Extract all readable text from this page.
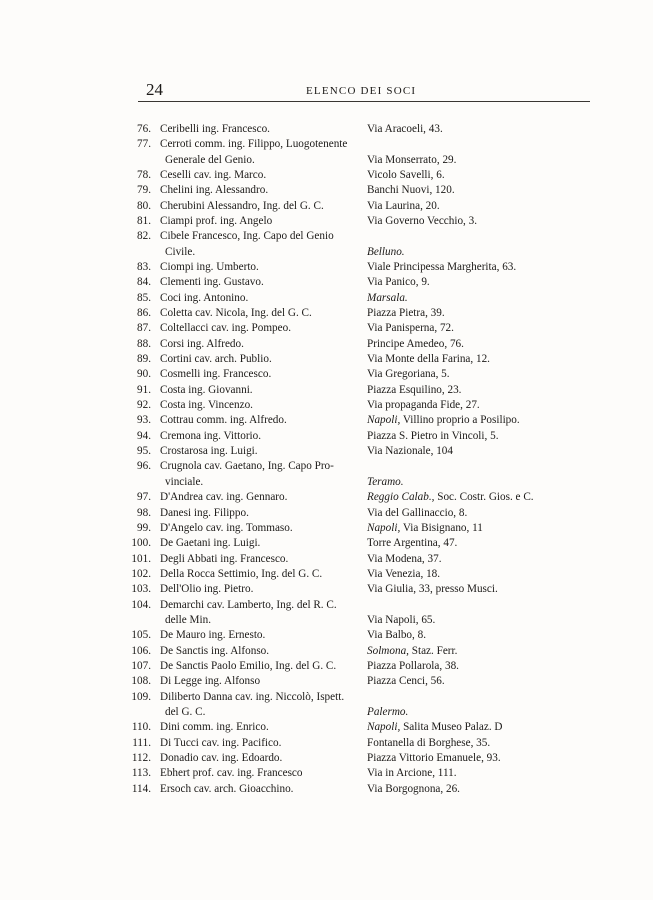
24	ELENCO DEI SOCI
76. Ceribelli ing. Francesco.	Via Aracoeli, 43.
77. Cerroti comm. ing. Filippo, Luogotenente
Generale del Genio.	Via Monserrato, 29.
78. Ceselli cav. ing. Marco.	Vicolo Savelli, 6.
79. Chelini ing. Alessandro.	Banchi Nuovi, 120.
80. Cherubini Alessandro, Ing. del G. C.	Via Laurina, 20.
81. Ciampi prof. ing. Angelo	Via Governo Vecchio, 3.
82. Cibele Francesco, Ing. Capo del Genio
Civile.	Belluno.
83. Ciompi ing. Umberto.	Viale Principessa Margherita, 63.
84. Clementi ing. Gustavo.	Via Panico, 9.
85. Coci ing. Antonino.	Marsala.
86. Coletta cav. Nicola, Ing. del G. C.	Piazza Pietra, 39.
87. Coltellacci cav. ing. Pompeo.	Via Panisperna, 72.
88. Corsi ing. Alfredo.	Principe Amedeo, 76.
89. Cortini cav. arch. Publio.	Via Monte della Farina, 12.
90. Cosmelli ing. Francesco.	Via Gregoriana, 5.
91. Costa ing. Giovanni.	Piazza Esquilino, 23.
92. Costa ing. Vincenzo.	Via propaganda Fide, 27.
93. Cottrau comm. ing. Alfredo.	Napoli, Villino proprio a Posilipo.
94. Cremona ing. Vittorio.	Piazza S. Pietro in Vincoli, 5.
95. Crostarosa ing. Luigi.	Via Nazionale, 104
96. Crugnola cav. Gaetano, Ing. Capo Pro-
vinciale.	Teramo.
97. D'Andrea cav. ing. Gennaro.	Reggio Calab., Soc. Costr. Gios. e C.
98. Danesi ing. Filippo.	Via del Gallinaccio, 8.
99. D'Angelo cav. ing. Tommaso.	Napoli, Via Bisignano, 11
100. De Gaetani ing. Luigi.	Torre Argentina, 47.
101. Degli Abbati ing. Francesco.	Via Modena, 37.
102. Della Rocca Settimio, Ing. del G. C.	Via Venezia, 18.
103. Dell'Olio ing. Pietro.	Via Giulia, 33, presso Musci.
104. Demarchi cav. Lamberto, Ing. del R. C.
delle Min.	Via Napoli, 65.
105. De Mauro ing. Ernesto.	Via Balbo, 8.
106. De Sanctis ing. Alfonso.	Solmona, Staz. Ferr.
107. De Sanctis Paolo Emilio, Ing. del G. C.	Piazza Pollarola, 38.
108. Di Legge ing. Alfonso	Piazza Cenci, 56.
109. Diliberto Danna cav. ing. Niccolò, Ispett.
del G. C.	Palermo.
110. Dini comm. ing. Enrico.	Napoli, Salita Museo Palaz. D
111. Di Tucci cav. ing. Pacifico.	Fontanella di Borghese, 35.
112. Donadio cav. ing. Edoardo.	Piazza Vittorio Emanuele, 93.
113. Ebhert prof. cav. ing. Francesco	Via in Arcione, 111.
114. Ersoch cav. arch. Gioacchino.	Via Borgognona, 26.
